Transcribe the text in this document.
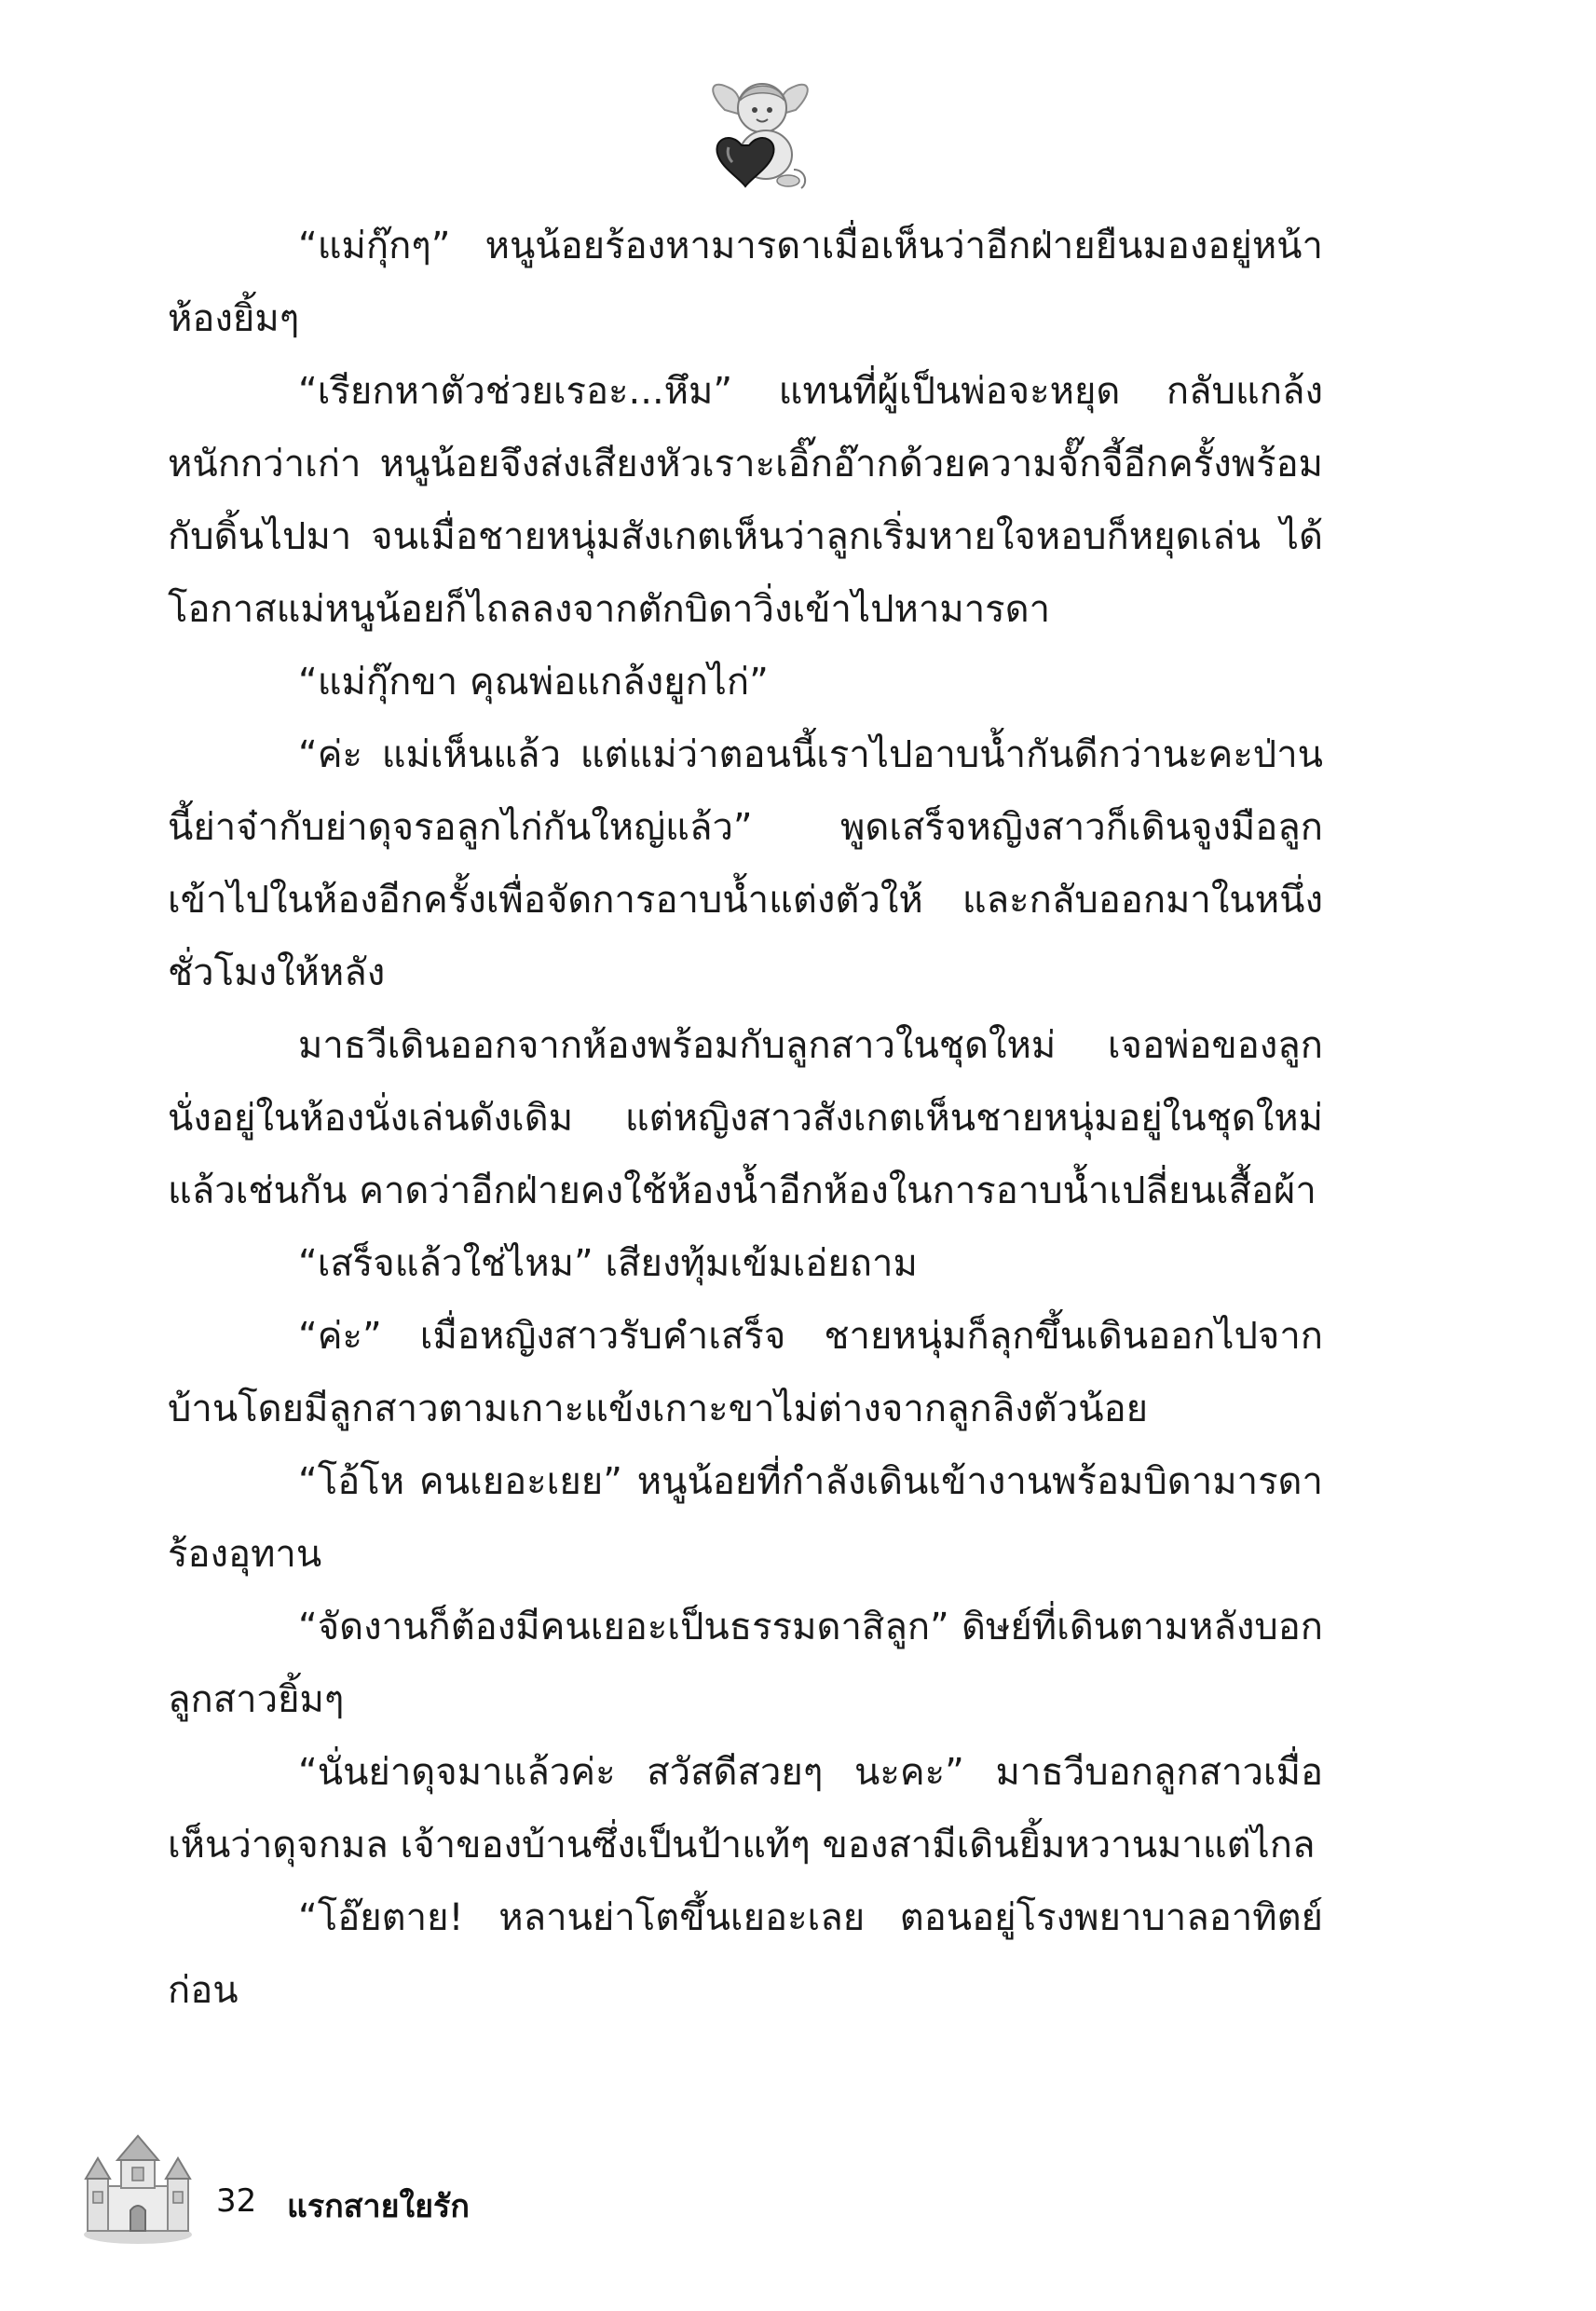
“แม่กุ๊กๆ” หนูน้อยร้องหามารดาเมื่อเห็นว่าอีกฝ่ายยืนมองอยู่หน้าห้องยิ้มๆ

“เรียกหาตัวช่วยเรอะ...หึม” แทนที่ผู้เป็นพ่อจะหยุด กลับแกล้งหนักกว่าเก่า หนูน้อยจึงส่งเสียงหัวเราะเอิ๊กอ๊ากด้วยความจั๊กจี้อีกครั้งพร้อมกับดิ้นไปมา จนเมื่อชายหนุ่มสังเกตเห็นว่าลูกเริ่มหายใจหอบก็หยุดเล่น ได้โอกาสแม่หนูน้อยก็ไถลลงจากตักบิดาวิ่งเข้าไปหามารดา

“แม่กุ๊กขา คุณพ่อแกล้งยูกไก่”

“ค่ะ แม่เห็นแล้ว แต่แม่ว่าตอนนี้เราไปอาบน้ำกันดีกว่านะคะป่านนี้ย่าจ๋ากับย่าดุจรอลูกไก่กันใหญ่แล้ว” พูดเสร็จหญิงสาวก็เดินจูงมือลูกเข้าไปในห้องอีกครั้งเพื่อจัดการอาบน้ำแต่งตัวให้ และกลับออกมาในหนึ่งชั่วโมงให้หลัง

มาธวีเดินออกจากห้องพร้อมกับลูกสาวในชุดใหม่ เจอพ่อของลูกนั่งอยู่ในห้องนั่งเล่นดังเดิม แต่หญิงสาวสังเกตเห็นชายหนุ่มอยู่ในชุดใหม่แล้วเช่นกัน คาดว่าอีกฝ่ายคงใช้ห้องน้ำอีกห้องในการอาบน้ำเปลี่ยนเสื้อผ้า

“เสร็จแล้วใช่ไหม” เสียงทุ้มเข้มเอ่ยถาม

“ค่ะ” เมื่อหญิงสาวรับคำเสร็จ ชายหนุ่มก็ลุกขึ้นเดินออกไปจากบ้านโดยมีลูกสาวตามเกาะแข้งเกาะขาไม่ต่างจากลูกลิงตัวน้อย

“โอ้โห คนเยอะเยย” หนูน้อยที่กำลังเดินเข้างานพร้อมบิดามารดาร้องอุทาน

“จัดงานก็ต้องมีคนเยอะเป็นธรรมดาสิลูก” ดิษย์ที่เดินตามหลังบอกลูกสาวยิ้มๆ

“นั่นย่าดุจมาแล้วค่ะ สวัสดีสวยๆ นะคะ” มาธวีบอกลูกสาวเมื่อเห็นว่าดุจกมล เจ้าของบ้านซึ่งเป็นป้าแท้ๆ ของสามีเดินยิ้มหวานมาแต่ไกล

“โอ๊ยตาย! หลานย่าโตขึ้นเยอะเลย ตอนอยู่โรงพยาบาลอาทิตย์ก่อน

32 แรกสายใยรัก
